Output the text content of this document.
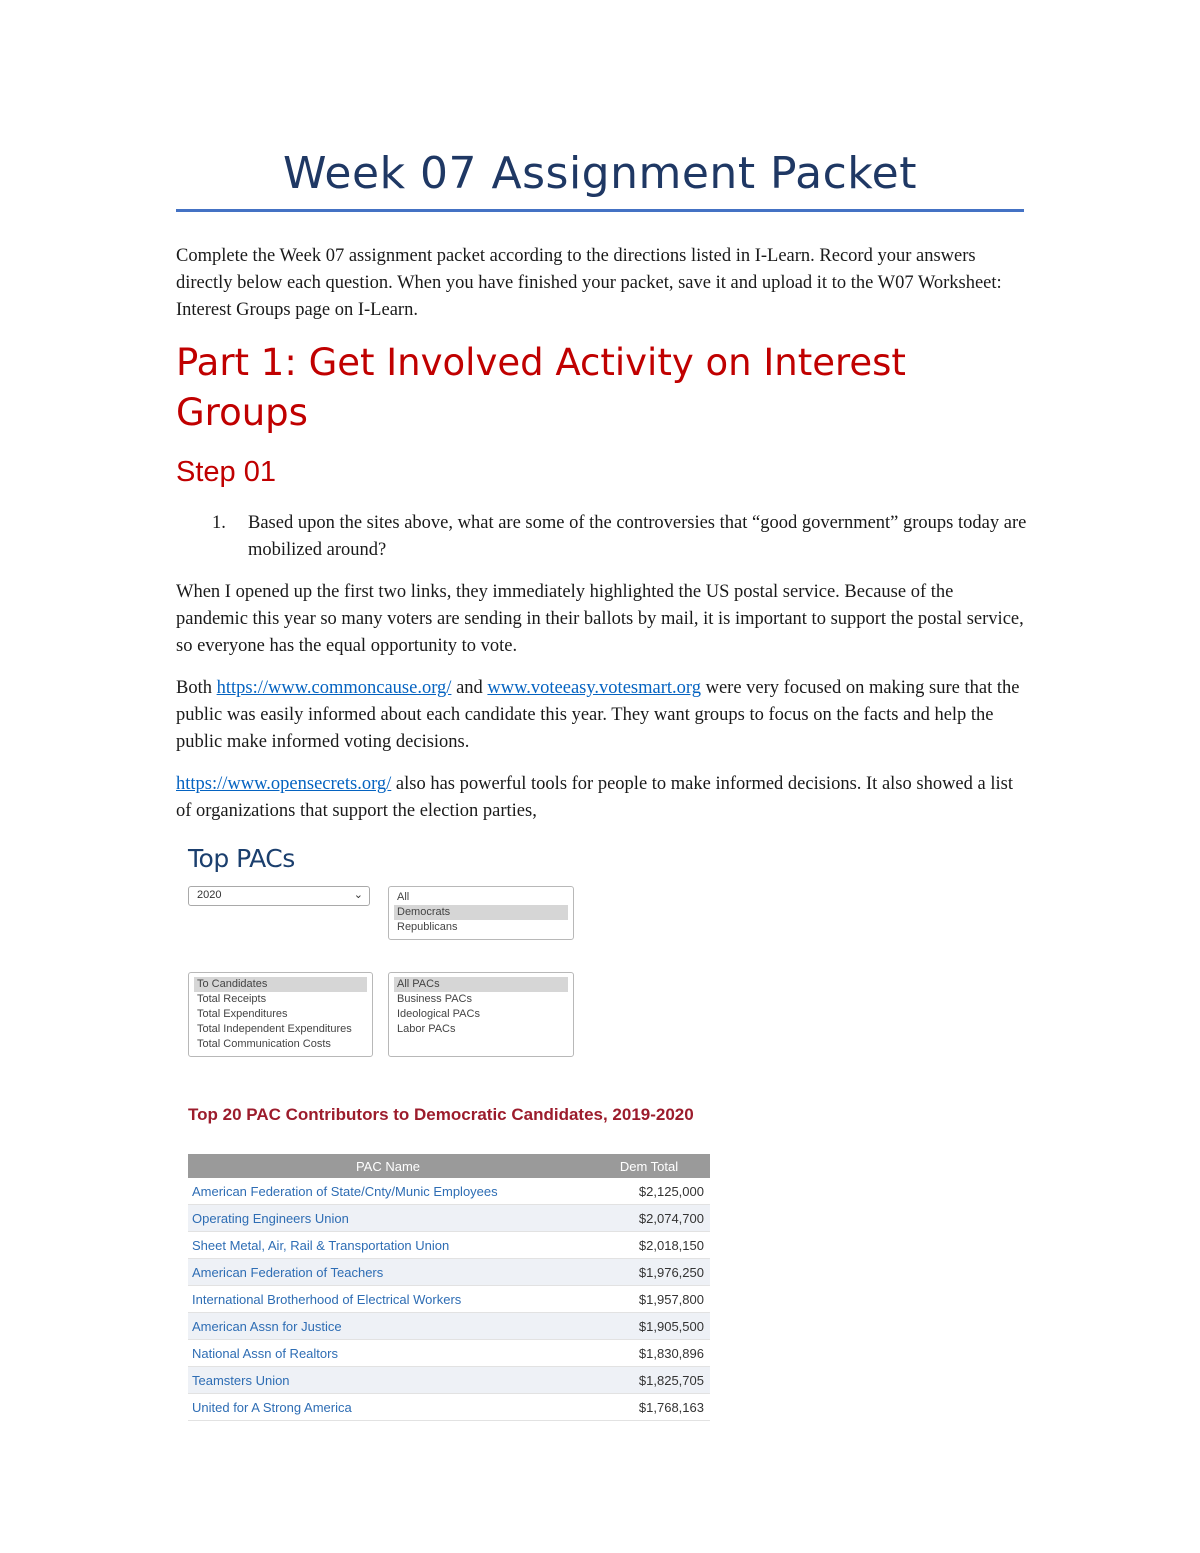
Week 07 Assignment Packet

Complete the Week 07 assignment packet according to the directions listed in I-Learn. Record your answers directly below each question. When you have finished your packet, save it and upload it to the W07 Worksheet: Interest Groups page on I-Learn.

Part 1: Get Involved Activity on Interest Groups
Step 01
1. Based upon the sites above, what are some of the controversies that “good government” groups today are mobilized around?

When I opened up the first two links, they immediately highlighted the US postal service. Because of the pandemic this year so many voters are sending in their ballots by mail, it is important to support the postal service, so everyone has the equal opportunity to vote.

Both https://www.commoncause.org/ and www.voteeasy.votesmart.org were very focused on making sure that the public was easily informed about each candidate this year. They want groups to focus on the facts and help the public make informed voting decisions.

https://www.opensecrets.org/ also has powerful tools for people to make informed decisions. It also showed a list of organizations that support the election parties,

Top PACs
2020	⌄	All
Democrats
Republicans
To Candidates
Total Receipts
Total Expenditures
Total Independent Expenditures
Total Communication Costs
All PACs
Business PACs
Ideological PACs
Labor PACs
Top 20 PAC Contributors to Democratic Candidates, 2019-2020
PAC Name	Dem Total
American Federation of State/Cnty/Munic Employees	$2,125,000
Operating Engineers Union	$2,074,700
Sheet Metal, Air, Rail & Transportation Union	$2,018,150
American Federation of Teachers	$1,976,250
International Brotherhood of Electrical Workers	$1,957,800
American Assn for Justice	$1,905,500
National Assn of Realtors	$1,830,896
Teamsters Union	$1,825,705
United for A Strong America	$1,768,163
